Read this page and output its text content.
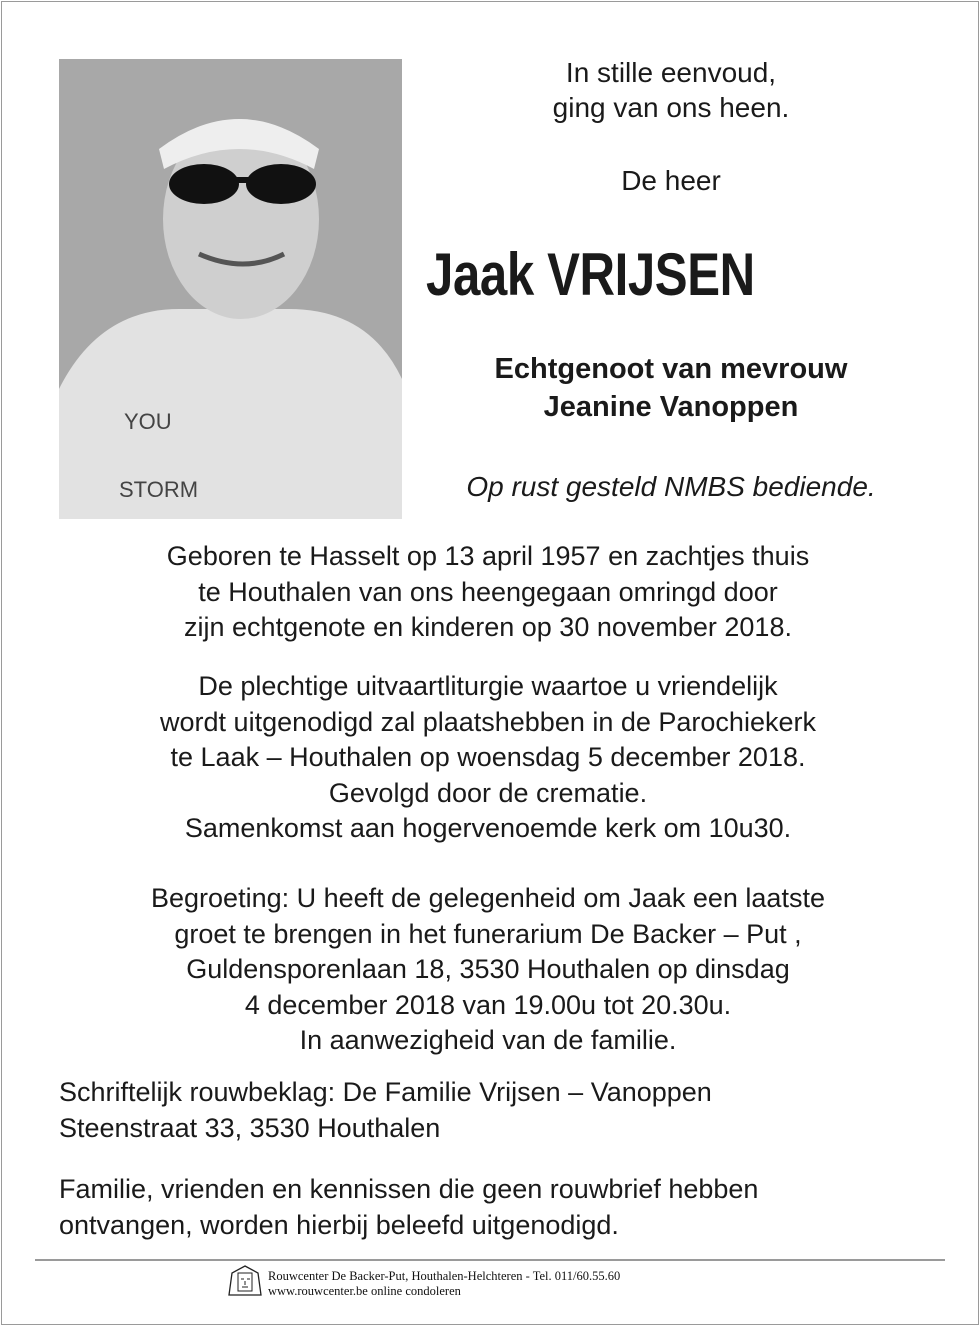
YOU
STORM
In stille eenvoud,
ging van ons heen.
De heer
Jaak VRIJSEN
Echtgenoot van mevrouw
Jeanine Vanoppen
Op rust gesteld NMBS bediende.
Geboren te Hasselt op 13 april 1957 en zachtjes thuis
te Houthalen van ons heengegaan omringd door
zijn echtgenote en kinderen op 30 november 2018.
De plechtige uitvaartliturgie waartoe u vriendelijk
wordt uitgenodigd zal plaatshebben in de Parochiekerk
te Laak – Houthalen op woensdag 5 december 2018.
Gevolgd door de crematie.
Samenkomst aan hogervenoemde kerk om 10u30.
Begroeting: U heeft de gelegenheid om Jaak een laatste
groet te brengen in het funerarium De Backer – Put ,
Guldensporenlaan 18, 3530 Houthalen op dinsdag
4 december 2018 van 19.00u tot 20.30u.
In aanwezigheid van de familie.
Schriftelijk rouwbeklag: De Familie Vrijsen – Vanoppen
Steenstraat 33, 3530 Houthalen
Familie, vrienden en kennissen die geen rouwbrief hebben
ontvangen, worden hierbij beleefd uitgenodigd.
Rouwcenter De Backer-Put, Houthalen-Helchteren - Tel. 011/60.55.60
www.rouwcenter.be online condoleren
